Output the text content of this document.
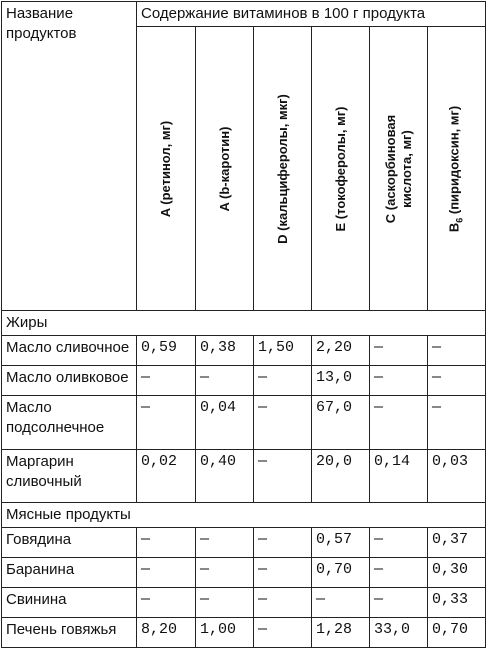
Название продуктов	Содержание витаминов в 100 г продукта					

	A (ретинол, мг)	A (b-каротин)	D (кальциферолы, мкг)	E (токоферолы, мг)	C (аскорбиновая кислота, мг)	$B_6$ (пиридоксин, мг)

Жиры						
Масло сливочное	0,59	0,38	1,50	2,20	—	—
Масло оливковое	—	—	—	13,0	—	—
Масло подсолнечное	—	0,04	—	67,0	—	—
Маргарин сливочный	0,02	0,40	—	20,0	0,14	0,03
Мясные продукты						
Говядина	—	—	—	0,57	—	0,37
Баранина	—	—	—	0,70	—	0,30
Свинина	—	—	—	—	—	0,33
Печень говяжья	8,20	1,00	—	1,28	33,0	0,70
